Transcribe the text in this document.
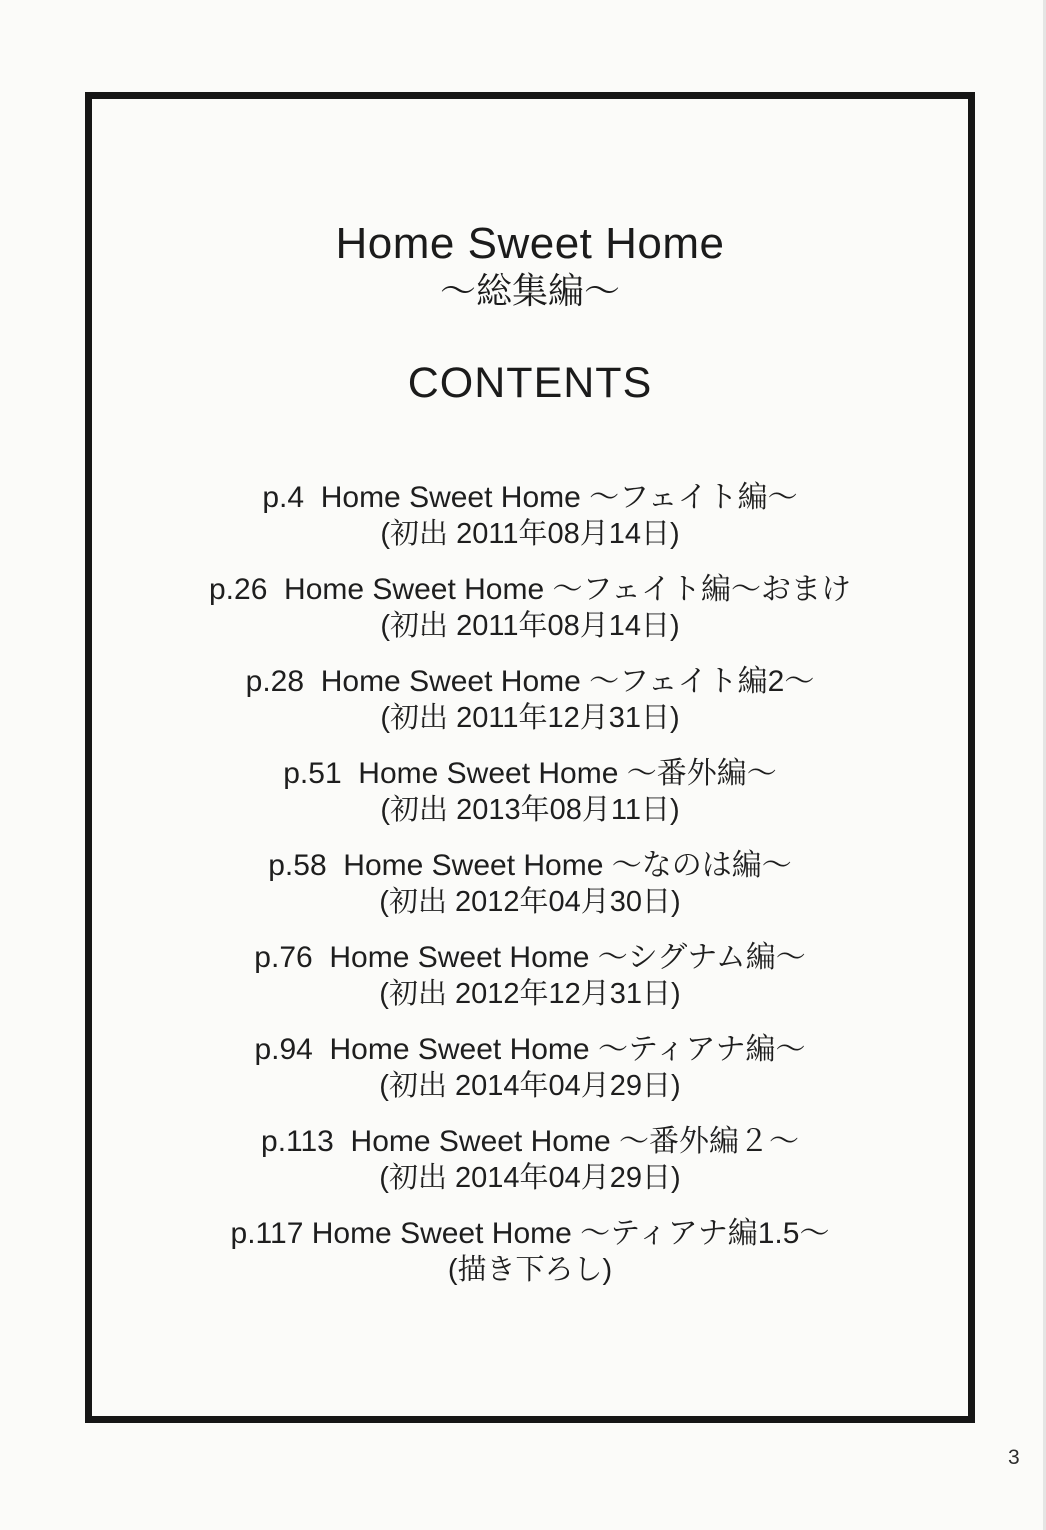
Home Sweet Home
～総集編～
CONTENTS
p.4  Home Sweet Home ～フェイト編～
(初出 2011年08月14日)
p.26  Home Sweet Home ～フェイト編～おまけ
(初出 2011年08月14日)
p.28  Home Sweet Home ～フェイト編2～
(初出 2011年12月31日)
p.51  Home Sweet Home ～番外編～
(初出 2013年08月11日)
p.58  Home Sweet Home ～なのは編～
(初出 2012年04月30日)
p.76  Home Sweet Home ～シグナム編～
(初出 2012年12月31日)
p.94  Home Sweet Home ～ティアナ編～
(初出 2014年04月29日)
p.113  Home Sweet Home ～番外編２～
(初出 2014年04月29日)
p.117 Home Sweet Home ～ティアナ編1.5～
(描き下ろし)
3
